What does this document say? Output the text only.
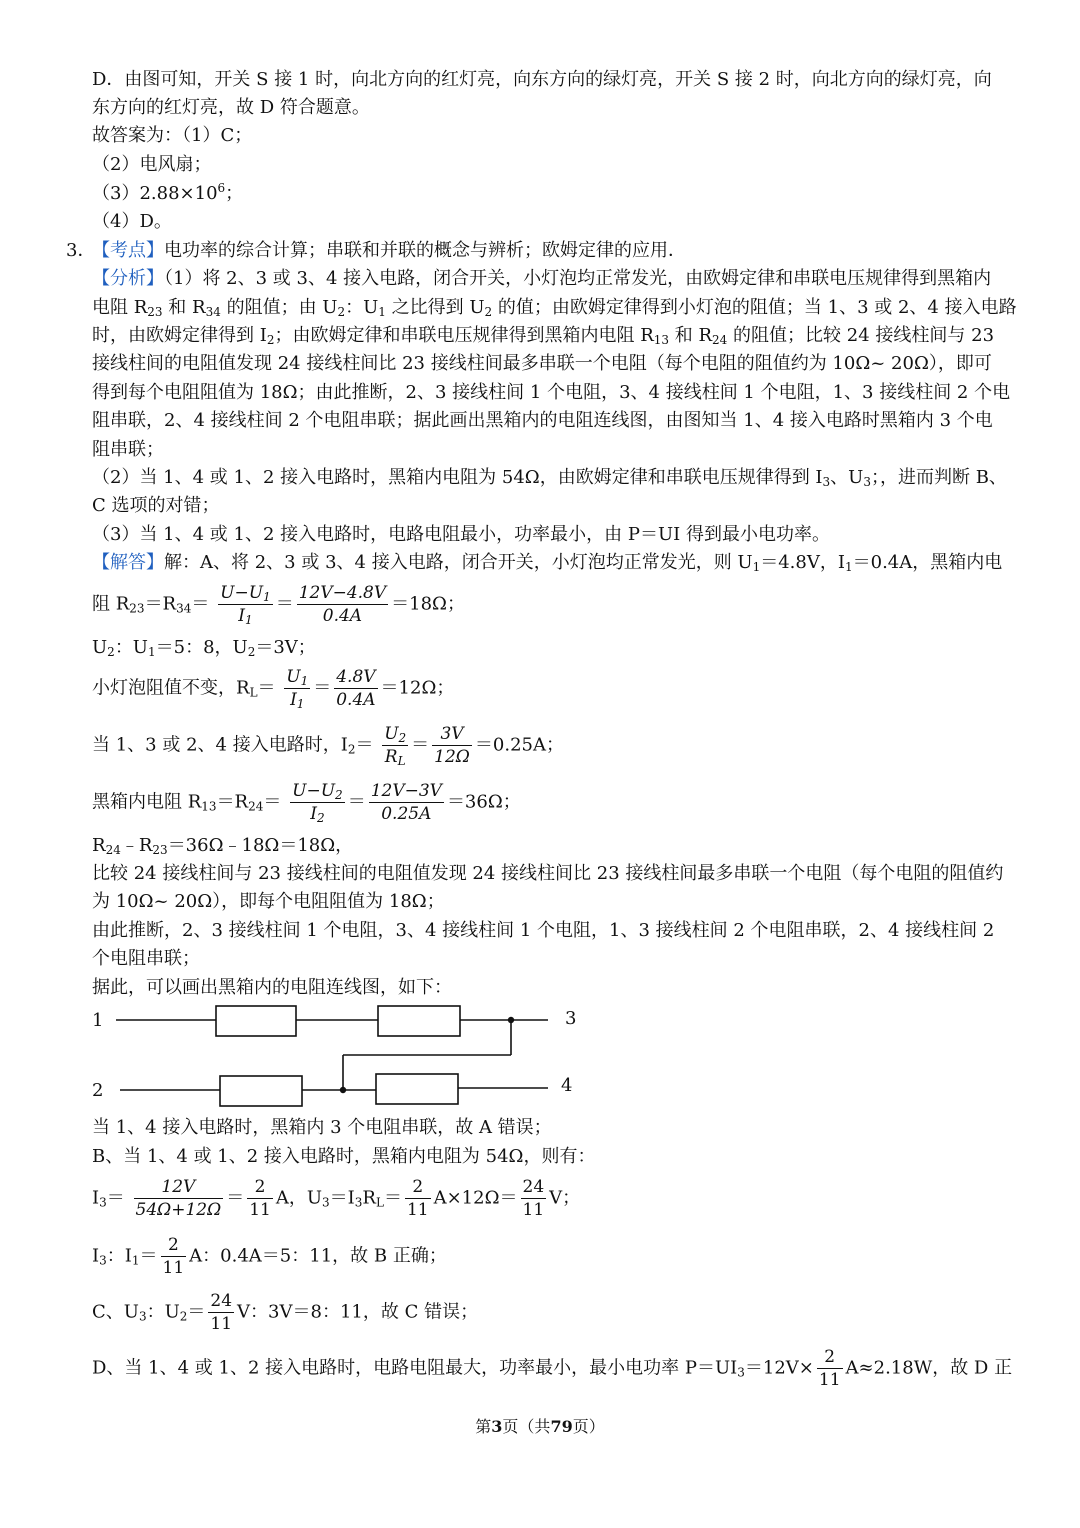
D．由图可知，开关 S 接 1 时，向北方向的红灯亮，向东方向的绿灯亮，开关 S 接 2 时，向北方向的绿灯亮，向
东方向的红灯亮，故 D 符合题意。
故答案为：（1）C；
（2）电风扇；
$(3)2.88\times 10^6$；
（4）D。
3．
【考点】电功率的综合计算；串联和并联的概念与辨析；欧姆定律的应用．
【分析】（1）将 2、3 或 3、4 接入电路，闭合开关，小灯泡均正常发光，由欧姆定律和串联电压规律得到黑箱内
电阻 $R_{23}$ 和 $R_{34}$ 的阻值；由 $U_2$：$U_1$ 之比得到 $U_2$ 的值；由欧姆定律得到小灯泡的阻值；当 1、3 或 2、4 接入电路
时，由欧姆定律得到 $I_2$；由欧姆定律和串联电压规律得到黑箱内电阻 $R_{13}$ 和 $R_{24}$ 的阻值；比较 24 接线柱间与 23
接线柱间的电阻值发现 24 接线柱间比 23 接线柱间最多串联一个电阻（每个电阻的阻值约为 10Ω~ 20Ω），即可
得到每个电阻阻值为 18Ω；由此推断，2、3 接线柱间 1 个电阻，3、4 接线柱间 1 个电阻，1、3 接线柱间 2 个电
阻串联，2、4 接线柱间 2 个电阻串联；据此画出黑箱内的电阻连线图，由图知当 1、4 接入电路时黑箱内 3 个电
阻串联；
（2）当 1、4 或 1、2 接入电路时，黑箱内电阻为 54Ω，由欧姆定律和串联电压规律得到 $I_3$、$U_3$；，进而判断 B、
C 选项的对错；
（3）当 1、4 或 1、2 接入电路时，电路电阻最小，功率最小，由 P＝UI 得到最小电功率。
【解答】解：A、将 2、3 或 3、4 接入电路，闭合开关，小灯泡均正常发光，则 $U_1=4.8V$，$I_1=0.4A$，黑箱内电
阻 $R_{23}=R_{34}= \frac{U-U_1}{I_1} = \frac{12V-4.8V}{0.4A} =18\Omega$；
$U_2$：$U_1=5$：8，$U_2=3V$；
小灯泡阻值不变，$R_L= \frac{U_1}{I_1} = \frac{4.8V}{0.4A} =12\Omega$；
当 1、3 或 2、4 接入电路时，$I_2= \frac{U_2}{R_L} = \frac{3V}{12\Omega} =0.25A$；
黑箱内电阻 $R_{13}=R_{24}= \frac{U-U_2}{I_2} = \frac{12V-3V}{0.25A} =36\Omega$；
$R_{24}﹣R_{23}=36\Omega﹣18\Omega=18\Omega$，
比较 24 接线柱间与 23 接线柱间的电阻值发现 24 接线柱间比 23 接线柱间最多串联一个电阻（每个电阻的阻值约
为 10Ω~ 20Ω），即每个电阻阻值为 18Ω；
由此推断，2、3 接线柱间 1 个电阻，3、4 接线柱间 1 个电阻，1、3 接线柱间 2 个电阻串联，2、4 接线柱间 2
个电阻串联；
据此，可以画出黑箱内的电阻连线图，如下：
1
2
3
4
当 1、4 接入电路时，黑箱内 3 个电阻串联，故 A 错误；
B、当 1、4 或 1、2 接入电路时，黑箱内电阻为 54Ω，则有：
$I_3= \frac{12V}{54\Omega+12\Omega} = \frac{2}{11}$ A，$U_3=I_3R_L= \frac{2}{11} A\times 12\Omega= \frac{24}{11}$ V；
$I_3$：$I_1= \frac{2}{11}$ A：0.4A＝5：11，故 B 正确；
C、$U_3$：$U_2= \frac{24}{11}$ V：3V＝8：11，故 C 错误；
D、当 1、4 或 1、2 接入电路时，电路电阻最大，功率最小，最小电功率 $P=UI_3=12V\times \frac{2}{11} A\approx 2.18W$，故 D 正
第3页（共79页）
